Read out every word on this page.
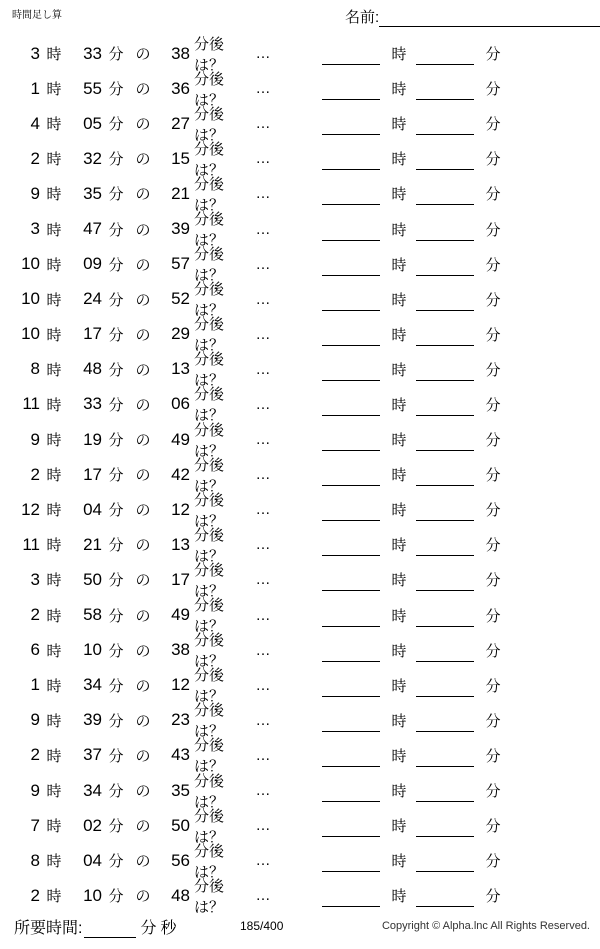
時間足し算	名前:
3 時	33 分 の	38 分後は？
…	時	分
1 時	55 分 の	36 分後は？
…	時	分
4 時	05 分 の	27 分後は？
…	時	分
2 時	32 分 の	15 分後は？
…	時	分
9 時	35 分 の	21 分後は？
…	時	分
3 時	47 分 の	39 分後は？
…	時	分
10 時	09 分 の	57 分後は？
…	時	分
10 時	24 分 の	52 分後は？
…	時	分
10 時	17 分 の	29 分後は？
…	時	分
8 時	48 分 の	13 分後は？
…	時	分
11 時	33 分 の	06 分後は？
…	時	分
9 時	19 分 の	49 分後は？
…	時	分
2 時	17 分 の	42 分後は？
…	時	分
12 時	04 分 の	12 分後は？
…	時	分
11 時	21 分 の	13 分後は？
…	時	分
3 時	50 分 の	17 分後は？
…	時	分
2 時	58 分 の	49 分後は？
…	時	分
6 時	10 分 の	38 分後は？
…	時	分
1 時	34 分 の	12 分後は？
…	時	分
9 時	39 分 の	23 分後は？
…	時	分
2 時	37 分 の	43 分後は？
…	時	分
9 時	34 分 の	35 分後は？
…	時	分
7 時	02 分 の	50 分後は？
…	時	分
8 時	04 分 の	56 分後は？
…	時	分
2 時	10 分 の	48 分後は？
…	時	分
所要時間:	分 秒	185/400	Copyright © Alpha.lnc All Rights Reserved.
